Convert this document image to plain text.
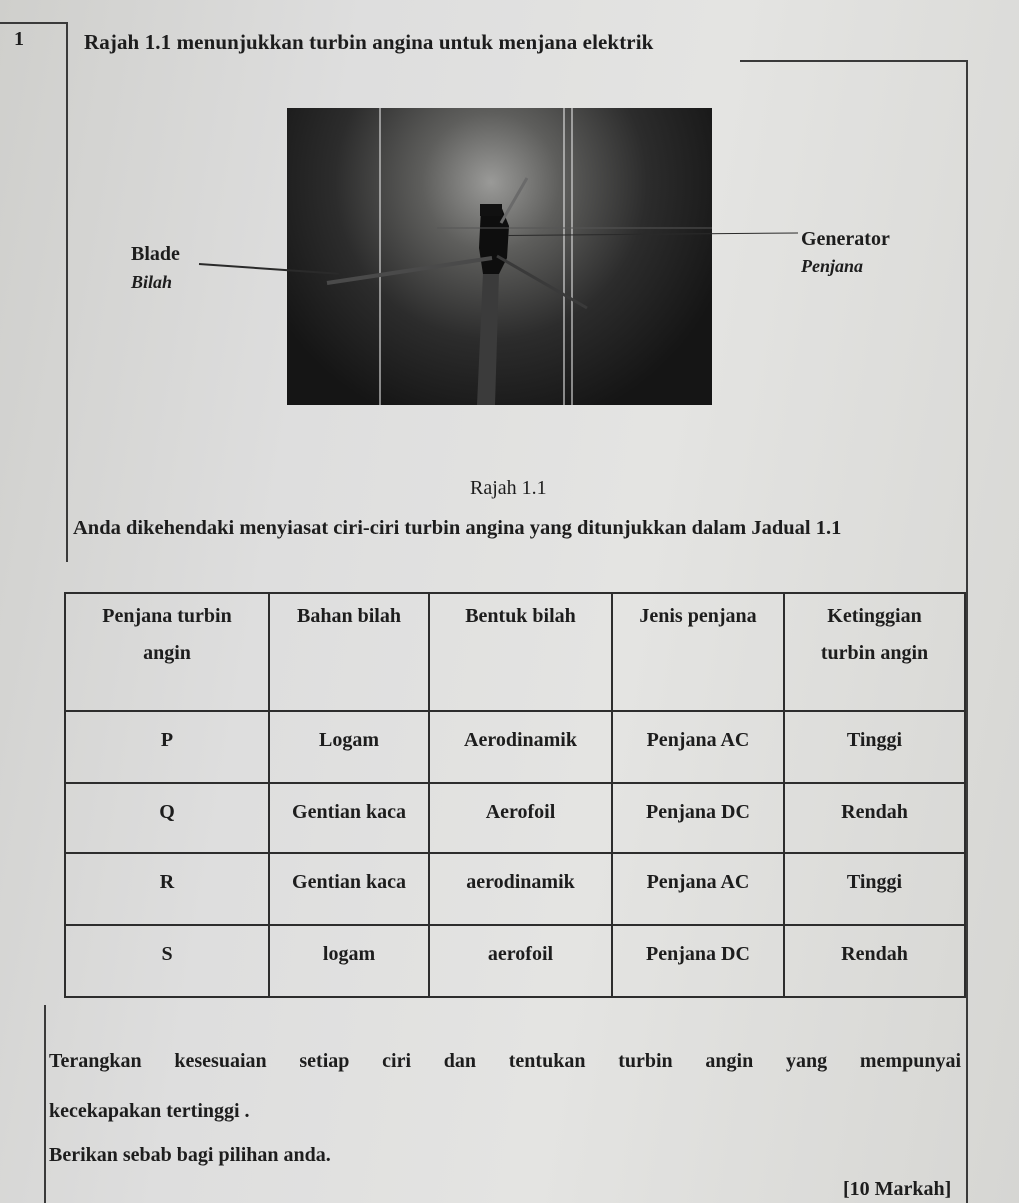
1	Rajah 1.1 menunjukkan turbin angina untuk menjana elektrik
Blade
Bilah
Generator
Penjana
Rajah 1.1
Anda dikehendaki menyiasat ciri-ciri turbin angina yang ditunjukkan dalam Jadual 1.1
Penjana turbin angin	Bahan bilah	Bentuk bilah	Jenis penjana	Ketinggian turbin angin
P	Logam	Aerodinamik	Penjana AC	Tinggi
Q	Gentian kaca	Aerofoil	Penjana DC	Rendah
R	Gentian kaca	aerodinamik	Penjana AC	Tinggi
S	logam	aerofoil	Penjana DC	Rendah
Terangkan kesesuaian setiap ciri dan tentukan turbin angin yang mempunyai
kecekapakan tertinggi .
Berikan sebab bagi pilihan anda.
[10 Markah]
